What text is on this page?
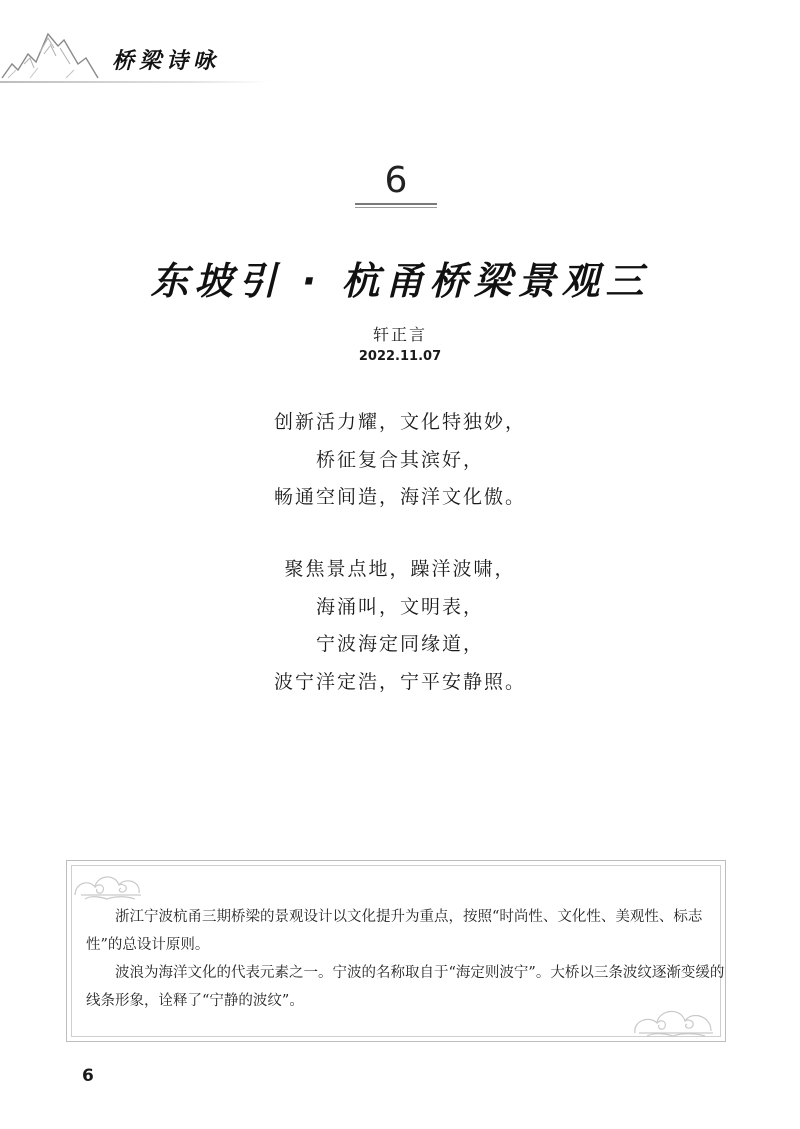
桥梁诗咏
6
东坡引 · 杭甬桥梁景观三
轩正言
2022.11.07
创新活力耀，文化特独妙，
桥征复合其滨好，
畅通空间造，海洋文化傲。
聚焦景点地，躁洋波啸，
海涌叫，文明表，
宁波海定同缘道，
波宁洋定浩，宁平安静照。

浙江宁波杭甬三期桥梁的景观设计以文化提升为重点，按照“时尚性、文化性、美观性、标志性”的总设计原则。

波浪为海洋文化的代表元素之一。宁波的名称取自于“海定则波宁”。大桥以三条波纹逐渐变缓的线条形象，诠释了“宁静的波纹”。

6
